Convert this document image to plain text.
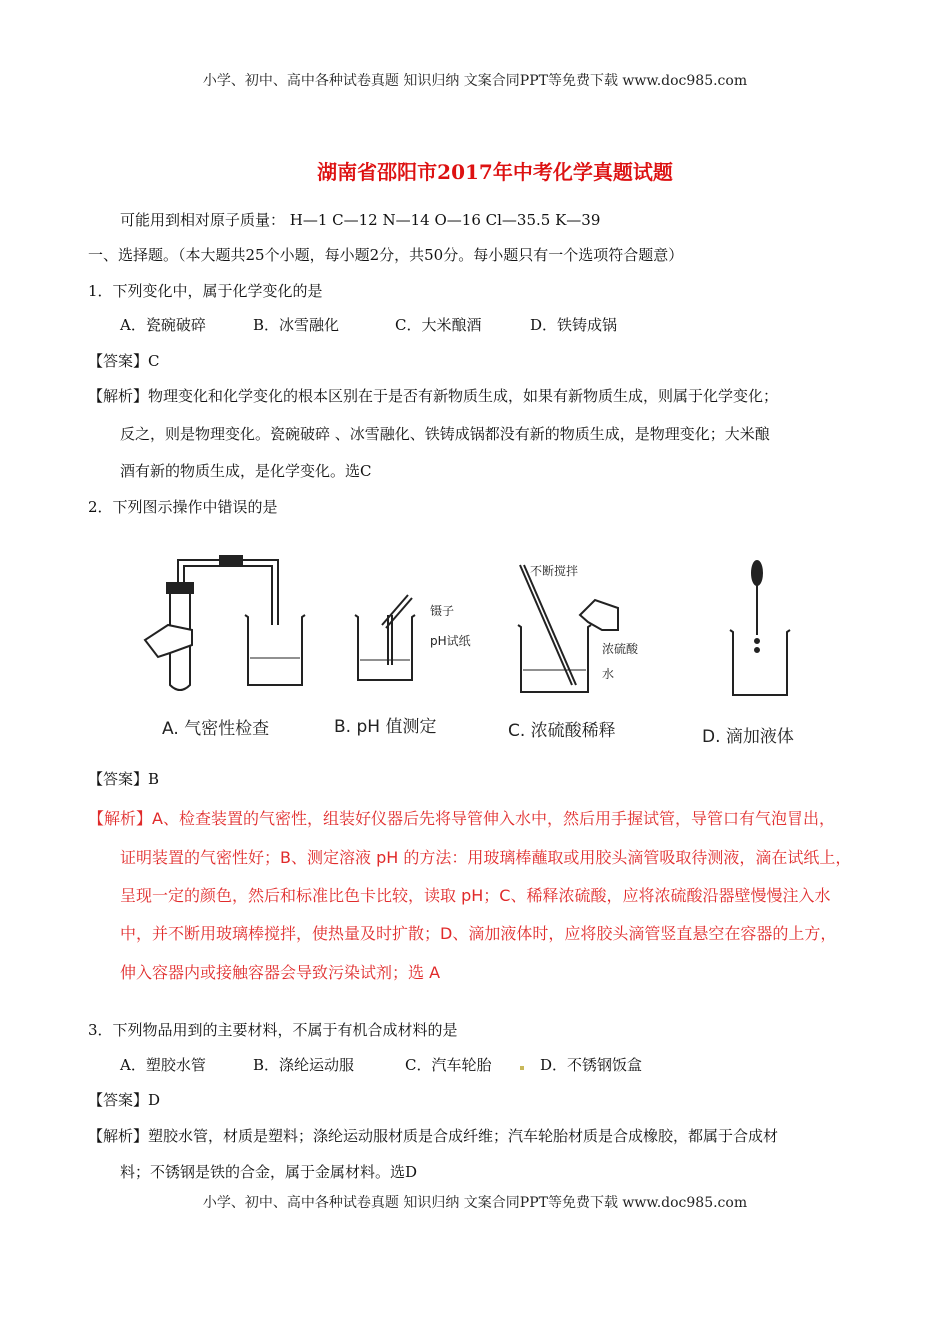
小学、初中、高中各种试卷真题 知识归纳 文案合同PPT等免费下载 www.doc985.com
湖南省邵阳市2017年中考化学真题试题
可能用到相对原子质量： H—1 C—12 N—14 O—16 Cl—35.5 K—39
一、选择题。（本大题共25个小题，每小题2分，共50分。每小题只有一个选项符合题意）
1．下列变化中，属于化学变化的是
A．瓷碗破碎	B．冰雪融化	C．大米酿酒	D．铁铸成锅
【答案】C
【解析】物理变化和化学变化的根本区别在于是否有新物质生成，如果有新物质生成，则属于化学变化；
反之，则是物理变化。瓷碗破碎 、冰雪融化、铁铸成锅都没有新的物质生成，是物理变化；大米酿
酒有新的物质生成，是化学变化。选C
2．下列图示操作中错误的是
镊子
pH试纸
不断搅拌
浓硫酸
水
A. 气密性检查	B. pH 值测定	C. 浓硫酸稀释	D. 滴加液体
【答案】B
【解析】A、检查装置的气密性，组装好仪器后先将导管伸入水中，然后用手握试管，导管口有气泡冒出，
证明装置的气密性好；B、测定溶液 pH 的方法：用玻璃棒蘸取或用胶头滴管吸取待测液，滴在试纸上，
呈现一定的颜色，然后和标准比色卡比较，读取 pH；C、稀释浓硫酸，应将浓硫酸沿器壁慢慢注入水
中，并不断用玻璃棒搅拌，使热量及时扩散；D、滴加液体时，应将胶头滴管竖直悬空在容器的上方，
伸入容器内或接触容器会导致污染试剂；选 A
3．下列物品用到的主要材料，不属于有机合成材料的是
A．塑胶水管	B．涤纶运动服	C．汽车轮胎	D．不锈钢饭盒
【答案】D
【解析】塑胶水管，材质是塑料；涤纶运动服材质是合成纤维；汽车轮胎材质是合成橡胶，都属于合成材
料；不锈钢是铁的合金，属于金属材料。选D
小学、初中、高中各种试卷真题 知识归纳 文案合同PPT等免费下载 www.doc985.com
